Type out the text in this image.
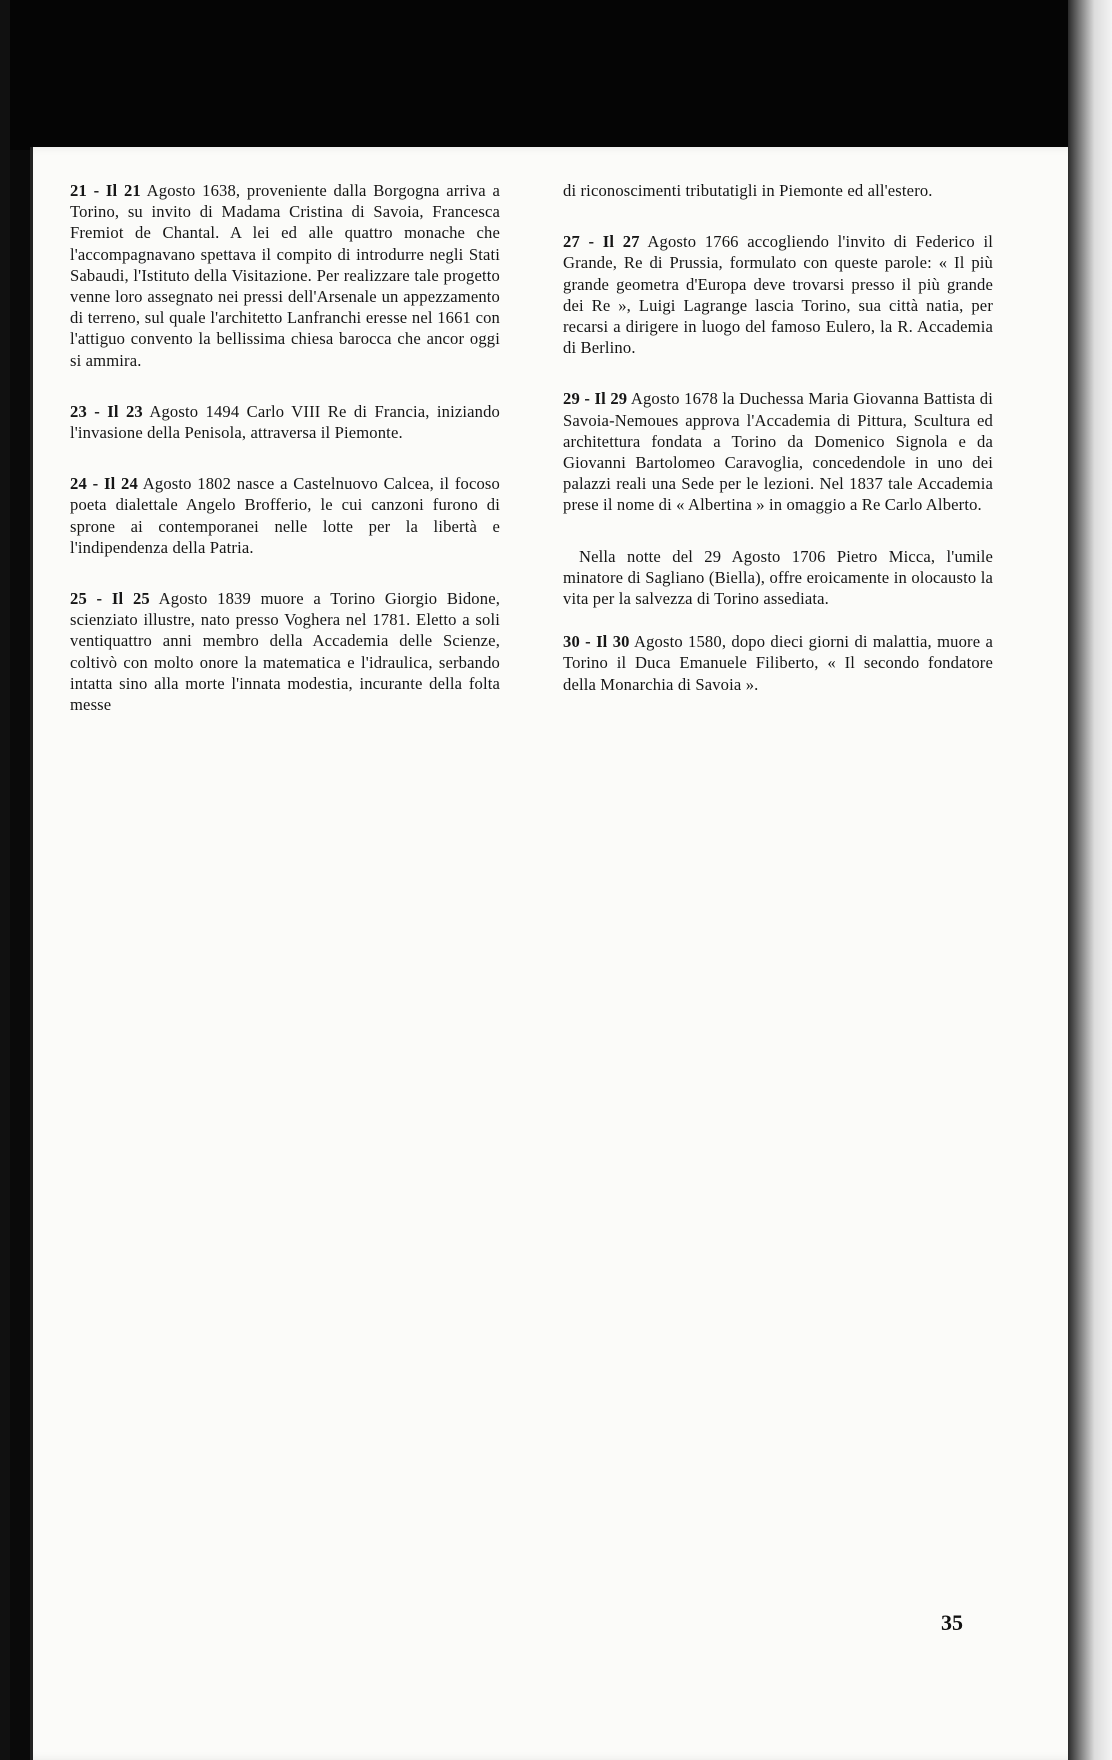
21 - Il 21 Agosto 1638, proveniente dalla Borgogna arriva a Torino, su invito di Madama Cristina di Savoia, Francesca Fremiot de Chantal. A lei ed alle quattro monache che l'accompagnavano spettava il compito di introdurre negli Stati Sabaudi, l'Istituto della Visitazione. Per realizzare tale progetto venne loro assegnato nei pressi dell'Arsenale un appezzamento di terreno, sul quale l'architetto Lanfranchi eresse nel 1661 con l'attiguo convento la bellissima chiesa barocca che ancor oggi si ammira.

23 - Il 23 Agosto 1494 Carlo VIII Re di Francia, iniziando l'invasione della Penisola, attraversa il Piemonte.

24 - Il 24 Agosto 1802 nasce a Castelnuovo Calcea, il focoso poeta dialettale Angelo Brofferio, le cui canzoni furono di sprone ai contemporanei nelle lotte per la libertà e l'indipendenza della Patria.

25 - Il 25 Agosto 1839 muore a Torino Giorgio Bidone, scienziato illustre, nato presso Voghera nel 1781. Eletto a soli ventiquattro anni membro della Accademia delle Scienze, coltivò con molto onore la matematica e l'idraulica, serbando intatta sino alla morte l'innata modestia, incurante della folta messe

di riconoscimenti tributatigli in Piemonte ed all'estero.

27 - Il 27 Agosto 1766 accogliendo l'invito di Federico il Grande, Re di Prussia, formulato con queste parole: « Il più grande geometra d'Europa deve trovarsi presso il più grande dei Re », Luigi Lagrange lascia Torino, sua città natia, per recarsi a dirigere in luogo del famoso Eulero, la R. Accademia di Berlino.

29 - Il 29 Agosto 1678 la Duchessa Maria Giovanna Battista di Savoia-Nemoues approva l'Accademia di Pittura, Scultura ed architettura fondata a Torino da Domenico Signola e da Giovanni Bartolomeo Caravoglia, concedendole in uno dei palazzi reali una Sede per le lezioni. Nel 1837 tale Accademia prese il nome di « Albertina » in omaggio a Re Carlo Alberto.

Nella notte del 29 Agosto 1706 Pietro Micca, l'umile minatore di Sagliano (Biella), offre eroicamente in olocausto la vita per la salvezza di Torino assediata.

30 - Il 30 Agosto 1580, dopo dieci giorni di malattia, muore a Torino il Duca Emanuele Filiberto, « Il secondo fondatore della Monarchia di Savoia ».

35
